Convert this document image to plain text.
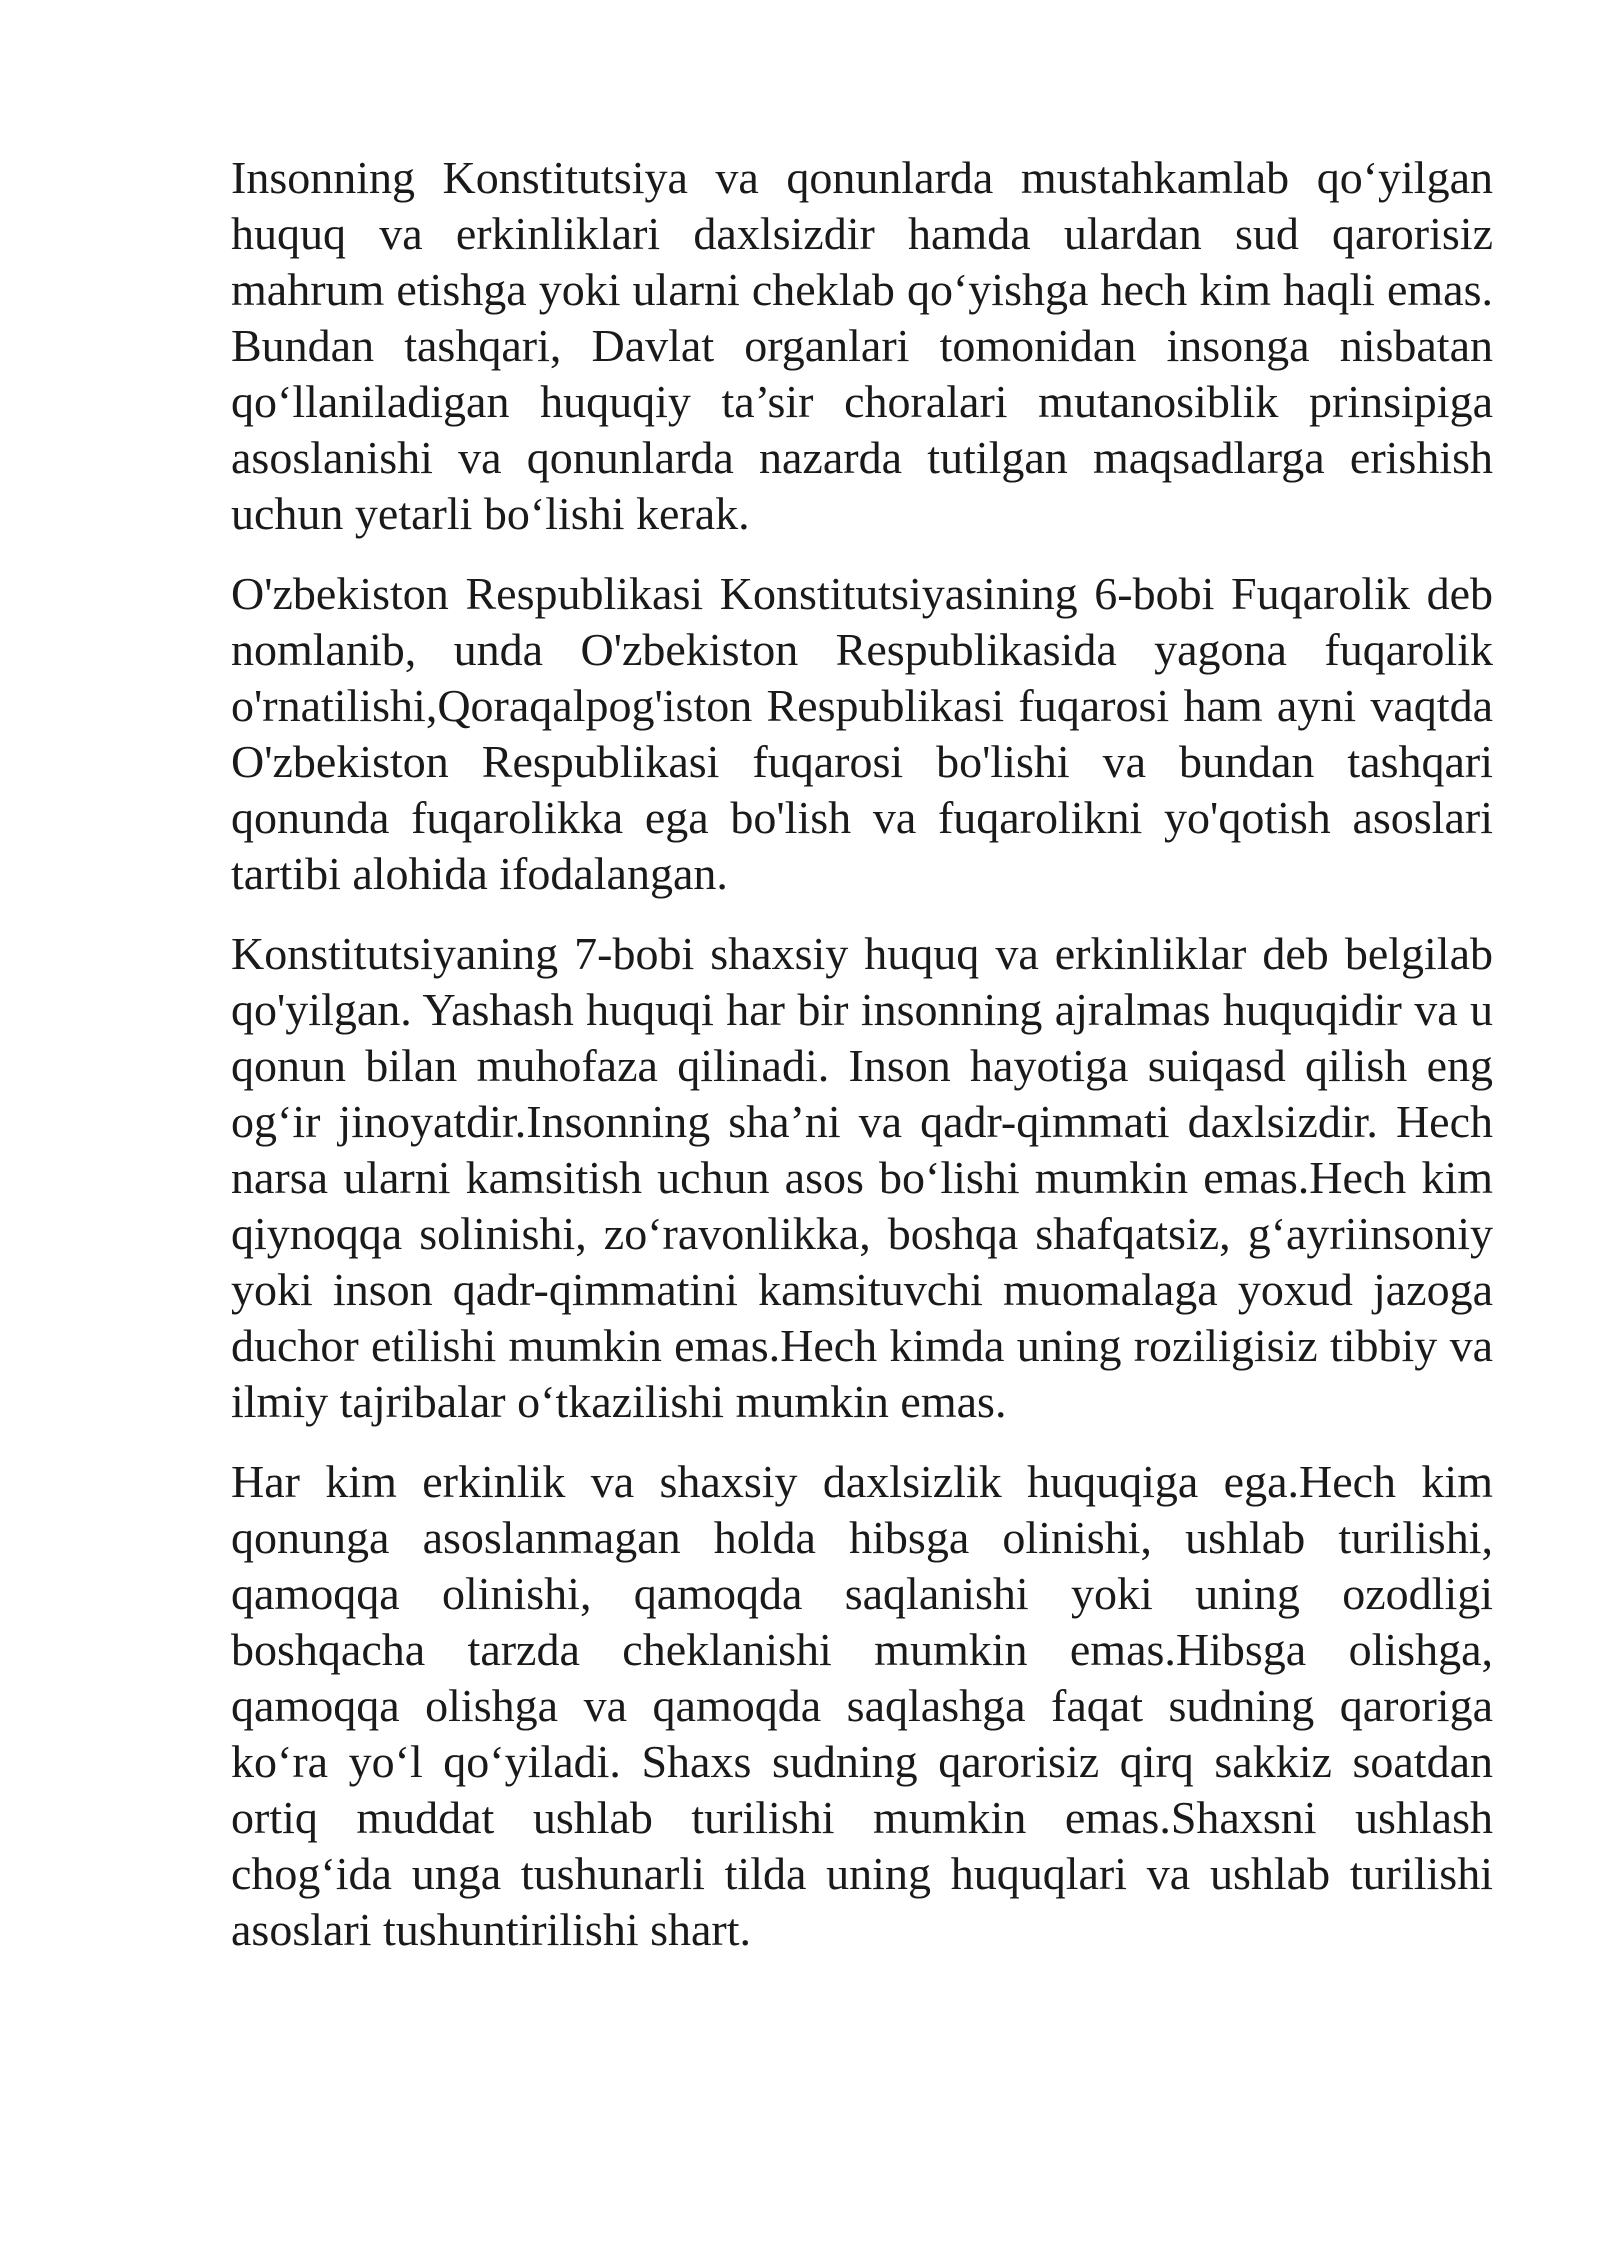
Insonning Konstitutsiya va qonunlarda mustahkamlab qo‘yilgan huquq va erkinliklari daxlsizdir hamda ulardan sud qarorisiz mahrum etishga yoki ularni cheklab qo‘yishga hech kim haqli emas. Bundan tashqari, Davlat organlari tomonidan insonga nisbatan qo‘llaniladigan huquqiy ta’sir choralari mutanosiblik prinsipiga asoslanishi va qonunlarda nazarda tutilgan maqsadlarga erishish uchun yetarli bo‘lishi kerak.

O'zbekiston Respublikasi Konstitutsiyasining 6-bobi Fuqarolik deb nomlanib, unda O'zbekiston Respublikasida yagona fuqarolik o'rnatilishi,Qoraqalpog'iston Respublikasi fuqarosi ham ayni vaqtda O'zbekiston Respublikasi fuqarosi bo'lishi va bundan tashqari qonunda fuqarolikka ega bo'lish va fuqarolikni yo'qotish asoslari tartibi alohida ifodalangan.

Konstitutsiyaning 7-bobi shaxsiy huquq va erkinliklar deb belgilab qo'yilgan. Yashash huquqi har bir insonning ajralmas huquqidir va u qonun bilan muhofaza qilinadi. Inson hayotiga suiqasd qilish eng og‘ir jinoyatdir.Insonning sha’ni va qadr-qimmati daxlsizdir. Hech narsa ularni kamsitish uchun asos bo‘lishi mumkin emas.Hech kim qiynoqqa solinishi, zo‘ravonlikka, boshqa shafqatsiz, g‘ayriinsoniy yoki inson qadr-qimmatini kamsituvchi muomalaga yoxud jazoga duchor etilishi mumkin emas.Hech kimda uning roziligisiz tibbiy va ilmiy tajribalar o‘tkazilishi mumkin emas.

Har kim erkinlik va shaxsiy daxlsizlik huquqiga ega.Hech kim qonunga asoslanmagan holda hibsga olinishi, ushlab turilishi, qamoqqa olinishi, qamoqda saqlanishi yoki uning ozodligi boshqacha tarzda cheklanishi mumkin emas.Hibsga olishga, qamoqqa olishga va qamoqda saqlashga faqat sudning qaroriga ko‘ra yo‘l qo‘yiladi. Shaxs sudning qarorisiz qirq sakkiz soatdan ortiq muddat ushlab turilishi mumkin emas.Shaxsni ushlash chog‘ida unga tushunarli tilda uning huquqlari va ushlab turilishi asoslari tushuntirilishi shart.
